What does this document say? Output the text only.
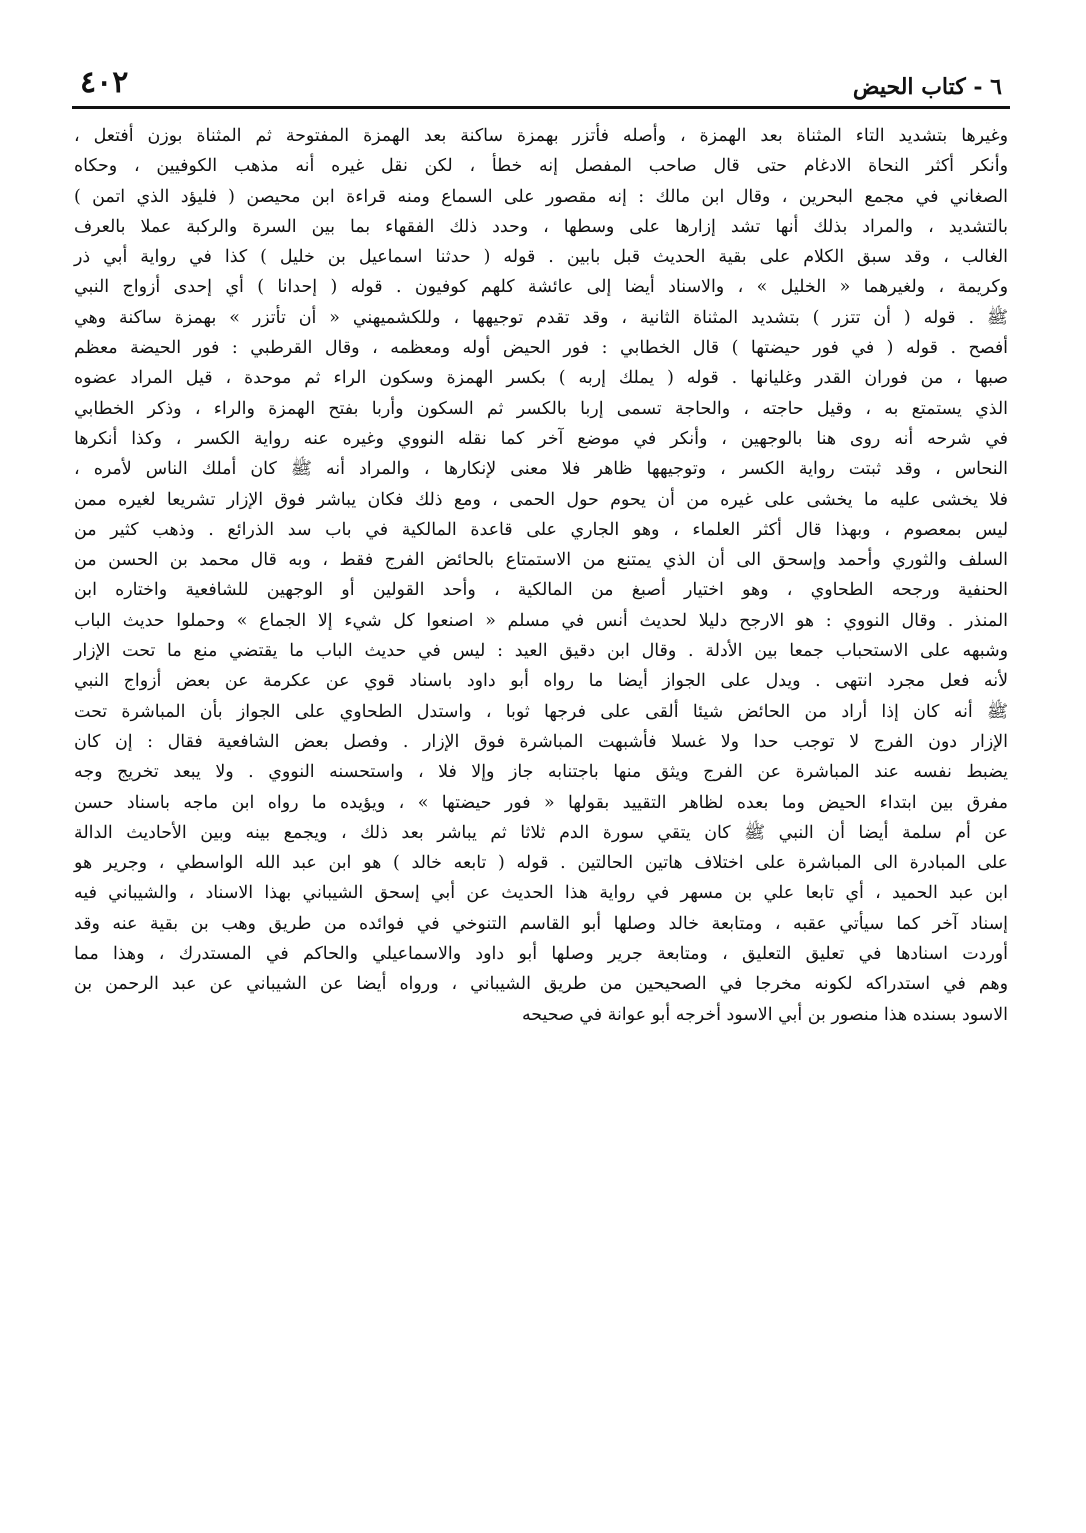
٤٠٢	٦ - كتاب الحيض
وغيرها بتشديد التاء المثناة بعد الهمزة ، وأصله فأتزر بهمزة ساكنة بعد الهمزة المفتوحة ثم المثناة بوزن أفتعل ،
وأنكر أكثر النحاة الادغام حتى قال صاحب المفصل إنه خطأ ، لكن نقل غيره أنه مذهب الكوفيين ، وحكاه
الصغاني في مجمع البحرين ، وقال ابن مالك : إنه مقصور على السماع ومنه قراءة ابن محيصن ( فليؤد الذي اتمن )
بالتشديد ، والمراد بذلك أنها تشد إزارها على وسطها ، وحدد ذلك الفقهاء بما بين السرة والركبة عملا بالعرف
الغالب ، وقد سبق الكلام على بقية الحديث قبل بابين . قوله ( حدثنا اسماعيل بن خليل ) كذا في رواية أبي ذر
وكريمة ، ولغيرهما « الخليل » ، والاسناد أيضا إلى عائشة كلهم كوفيون . قوله ( إحدانا ) أي إحدى أزواج النبي
ﷺ . قوله ( أن تتزر ) بتشديد المثناة الثانية ، وقد تقدم توجيهها ، وللكشميهني « أن تأتزر » بهمزة ساكنة وهي
أفصح . قوله ( في فور حيضتها ) قال الخطابي : فور الحيض أوله ومعظمه ، وقال القرطبي : فور الحيضة معظم
صبها ، من فوران القدر وغليانها . قوله ( يملك إربه ) بكسر الهمزة وسكون الراء ثم موحدة ، قيل المراد عضوه
الذي يستمتع به ، وقيل حاجته ، والحاجة تسمى إربا بالكسر ثم السكون وأربا بفتح الهمزة والراء ، وذكر الخطابي
في شرحه أنه روى هنا بالوجهين ، وأنكر في موضع آخر كما نقله النووي وغيره عنه رواية الكسر ، وكذا أنكرها
النحاس ، وقد ثبتت رواية الكسر ، وتوجيهها ظاهر فلا معنى لإنكارها ، والمراد أنه ﷺ كان أملك الناس لأمره ،
فلا يخشى عليه ما يخشى على غيره من أن يحوم حول الحمى ، ومع ذلك فكان يباشر فوق الإزار تشريعا لغيره ممن
ليس بمعصوم ، وبهذا قال أكثر العلماء ، وهو الجاري على قاعدة المالكية في باب سد الذرائع . وذهب كثير من
السلف والثوري وأحمد وإسحق الى أن الذي يمتنع من الاستمتاع بالحائض الفرج فقط ، وبه قال محمد بن الحسن من
الحنفية ورجحه الطحاوي ، وهو اختيار أصبغ من المالكية ، وأحد القولين أو الوجهين للشافعية واختاره ابن
المنذر . وقال النووي : هو الارجح دليلا لحديث أنس في مسلم « اصنعوا كل شيء إلا الجماع » وحملوا حديث الباب
وشبهه على الاستحباب جمعا بين الأدلة . وقال ابن دقيق العيد : ليس في حديث الباب ما يقتضي منع ما تحت الإزار
لأنه فعل مجرد انتهى . ويدل على الجواز أيضا ما رواه أبو داود باسناد قوي عن عكرمة عن بعض أزواج النبي
ﷺ أنه كان إذا أراد من الحائض شيئا ألقى على فرجها ثوبا ، واستدل الطحاوي على الجواز بأن المباشرة تحت
الإزار دون الفرج لا توجب حدا ولا غسلا فأشبهت المباشرة فوق الإزار . وفصل بعض الشافعية فقال : إن كان
يضبط نفسه عند المباشرة عن الفرج ويثق منها باجتنابه جاز وإلا فلا ، واستحسنه النووي . ولا يبعد تخريج وجه
مفرق بين ابتداء الحيض وما بعده لظاهر التقييد بقولها « فور حيضتها » ، ويؤيده ما رواه ابن ماجه باسناد حسن
عن أم سلمة أيضا أن النبي ﷺ كان يتقي سورة الدم ثلاثا ثم يباشر بعد ذلك ، ويجمع بينه وبين الأحاديث الدالة
على المبادرة الى المباشرة على اختلاف هاتين الحالتين . قوله ( تابعه خالد ) هو ابن عبد الله الواسطي ، وجرير هو
ابن عبد الحميد ، أي تابعا علي بن مسهر في رواية هذا الحديث عن أبي إسحق الشيباني بهذا الاسناد ، والشيباني فيه
إسناد آخر كما سيأتي عقبه ، ومتابعة خالد وصلها أبو القاسم التنوخي في فوائده من طريق وهب بن بقية عنه وقد
أوردت اسنادها في تعليق التعليق ، ومتابعة جرير وصلها أبو داود والاسماعيلي والحاكم في المستدرك ، وهذا مما
وهم في استدراكه لكونه مخرجا في الصحيحين من طريق الشيباني ، ورواه أيضا عن الشيباني عن عبد الرحمن بن
الاسود بسنده هذا منصور بن أبي الاسود أخرجه أبو عوانة في صحيحه
